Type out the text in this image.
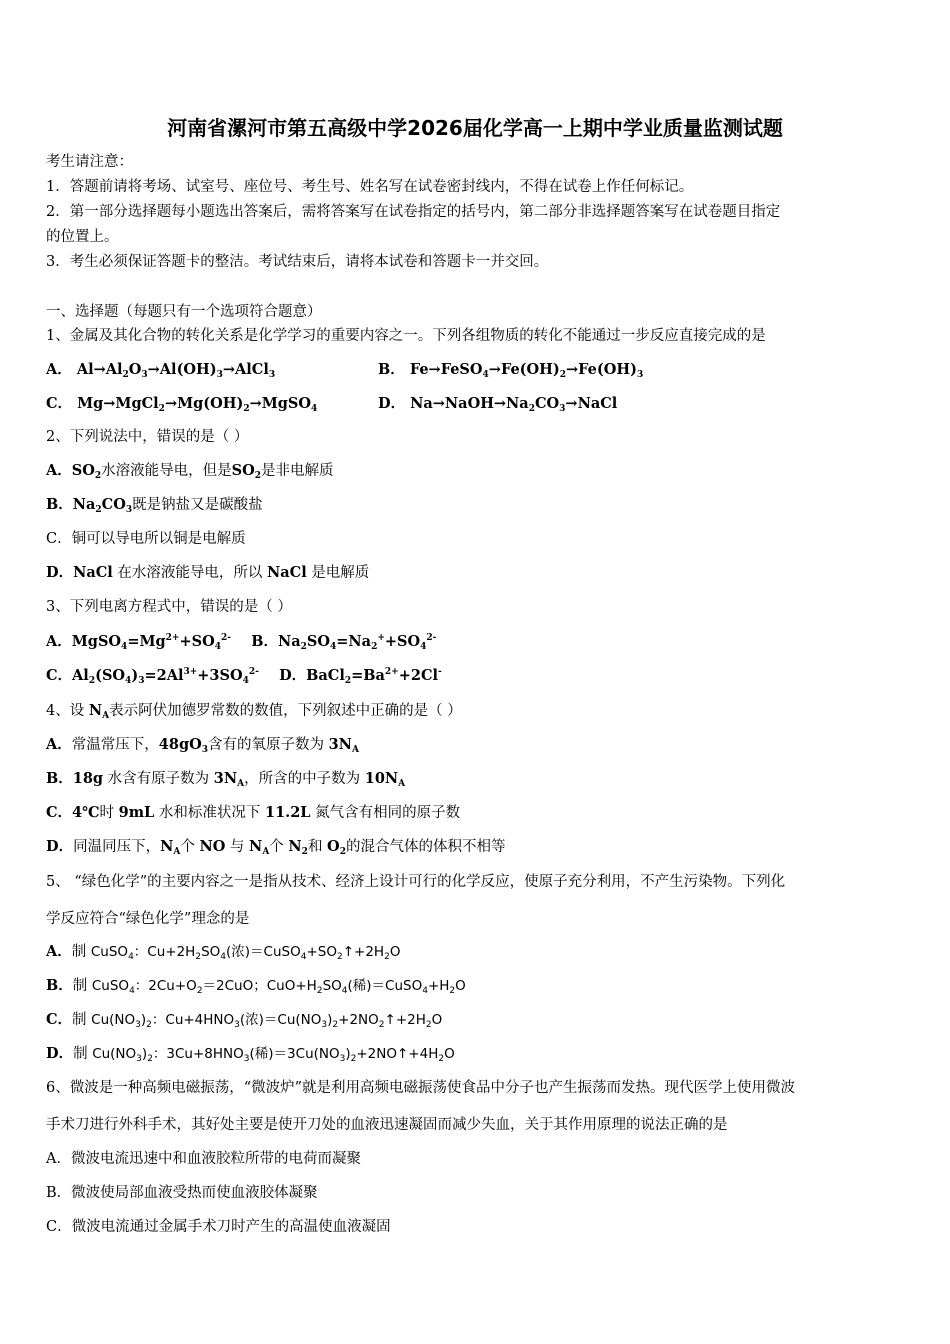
河南省漯河市第五高级中学2026届化学高一上期中学业质量监测试题
考生请注意：
1．答题前请将考场、试室号、座位号、考生号、姓名写在试卷密封线内，不得在试卷上作任何标记。
2．第一部分选择题每小题选出答案后，需将答案写在试卷指定的括号内，第二部分非选择题答案写在试卷题目指定
的位置上。
3．考生必须保证答题卡的整洁。考试结束后，请将本试卷和答题卡一并交回。
一、选择题（每题只有一个选项符合题意）
1、金属及其化合物的转化关系是化学学习的重要内容之一。下列各组物质的转化不能通过一步反应直接完成的是
A． $Al\to Al_2O_3\to Al(OH)_3\to AlCl_3$	B． $Fe\to FeSO_4\to Fe(OH)_2\to Fe(OH)_3$
C． $Mg\to MgCl_2\to Mg(OH)_2\to MgSO_4$	D． $Na\to NaOH\to Na_2CO_3\to NaCl$
2、下列说法中，错误的是（ ）
A．$SO_2$水溶液能导电，但是$SO_2$是非电解质
B．$Na_2CO_3$既是钠盐又是碳酸盐
C．铜可以导电所以铜是电解质
D．NaCl 在水溶液能导电，所以 NaCl 是电解质
3、下列电离方程式中，错误的是（ ）
A．$MgSO_4=Mg^{2+}+SO_4^{2-}$    B．$Na_2SO_4=Na_2^++SO_4^{2-}$
C．$Al_2(SO_4)_3=2Al^{3+}+3SO_4^{2-}$    D．$BaCl_2=Ba^{2+}+2Cl^-$
4、设 $N_A$表示阿伏加德罗常数的数值，下列叙述中正确的是（ ）
A．常温常压下，$48gO_3$含有的氧原子数为 $3N_A$
B．18g 水含有原子数为 $3N_A$，所含的中子数为 $10N_A$
C．4℃时 9mL 水和标准状况下 11.2L 氮气含有相同的原子数
D．同温同压下，$N_A$个 NO 与 $N_A$个 $N_2$和 $O_2$的混合气体的体积不相等
5、 “绿色化学”的主要内容之一是指从技术、经济上设计可行的化学反应，使原子充分利用，不产生污染物。下列化
学反应符合“绿色化学”理念的是
A．制 CuSO$_4$：$Cu+2H_2SO_4$(浓)$=CuSO_4+SO_2↑+2H_2O$
B．制 CuSO$_4$：$2Cu+O_2=2CuO$；$CuO+H_2SO_4$(稀)$=CuSO_4+H_2O$
C．制 $Cu(NO_3)_2$：$Cu+4HNO_3$(浓)$=Cu(NO_3)_2+2NO_2↑+2H_2O$
D．制 $Cu(NO_3)_2$：$3Cu+8HNO_3$(稀)$=3Cu(NO_3)_2+2NO↑+4H_2O$
6、微波是一种高频电磁振荡，“微波炉”就是利用高频电磁振荡使食品中分子也产生振荡而发热。现代医学上使用微波
手术刀进行外科手术，其好处主要是使开刀处的血液迅速凝固而减少失血，关于其作用原理的说法正确的是
A．微波电流迅速中和血液胶粒所带的电荷而凝聚
B．微波使局部血液受热而使血液胶体凝聚
C．微波电流通过金属手术刀时产生的高温使血液凝固
